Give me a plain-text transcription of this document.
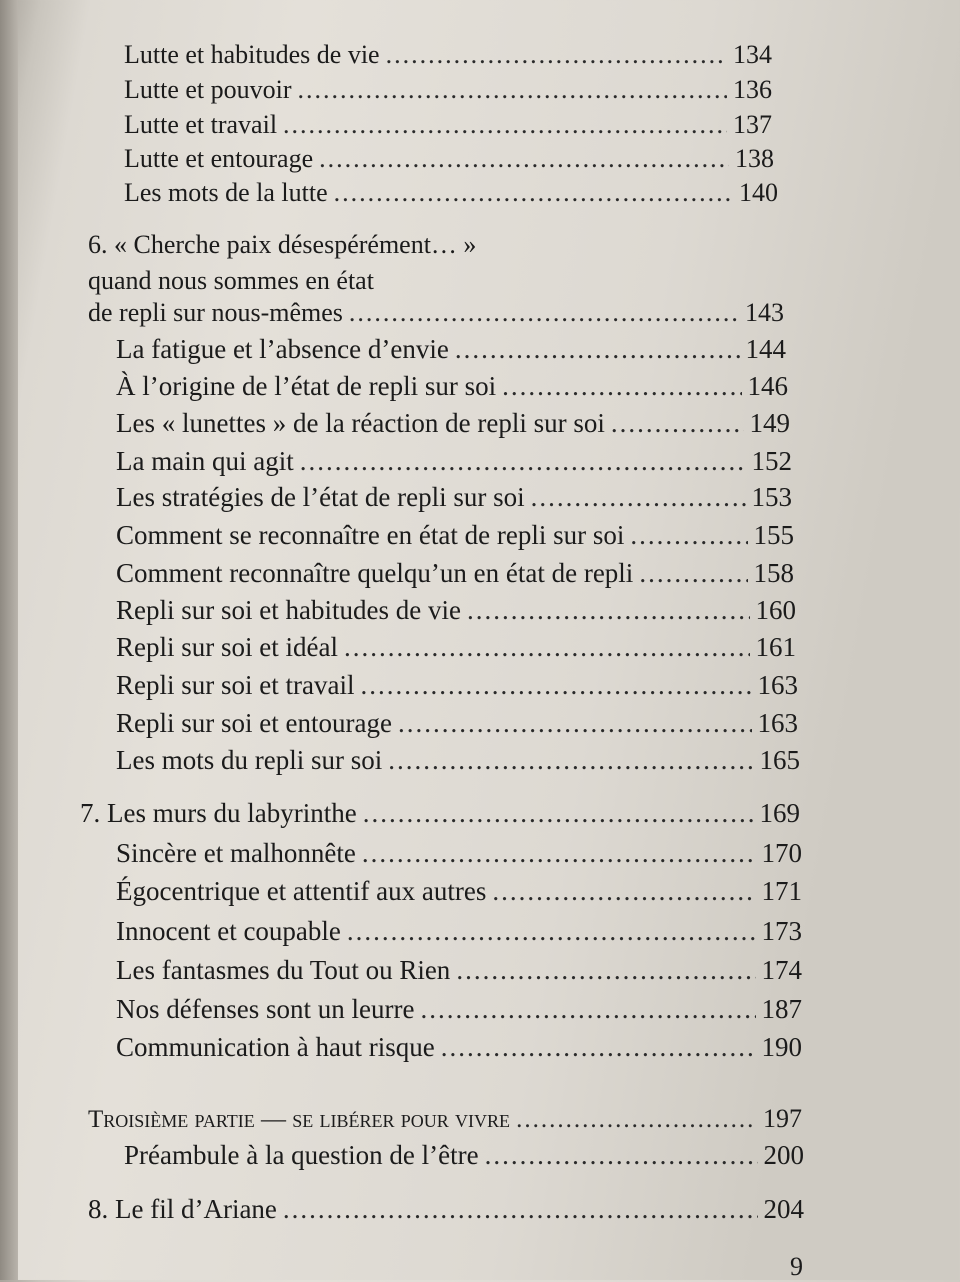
Lutte et habitudes de vie .....	134
Lutte et pouvoir .....	136
Lutte et travail .....	137
Lutte et entourage .....	138
Les mots de la lutte .....	140
6. « Cherche paix désespérément… »
quand nous sommes en état
de repli sur nous-mêmes .....	143
La fatigue et l’absence d’envie .....	144
À l’origine de l’état de repli sur soi .....	146
Les « lunettes » de la réaction de repli sur soi .....	149
La main qui agit .....	152
Les stratégies de l’état de repli sur soi .....	153
Comment se reconnaître en état de repli sur soi .....	155
Comment reconnaître quelqu’un en état de repli .....	158
Repli sur soi et habitudes de vie .....	160
Repli sur soi et idéal .....	161
Repli sur soi et travail .....	163
Repli sur soi et entourage .....	163
Les mots du repli sur soi .....	165
7. Les murs du labyrinthe .....	169
Sincère et malhonnête .....	170
Égocentrique et attentif aux autres .....	171
Innocent et coupable .....	173
Les fantasmes du Tout ou Rien .....	174
Nos défenses sont un leurre .....	187
Communication à haut risque .....	190
Troisième partie — se libérer pour vivre .....	197
Préambule à la question de l’être .....	200
8. Le fil d’Ariane .....	204
9
